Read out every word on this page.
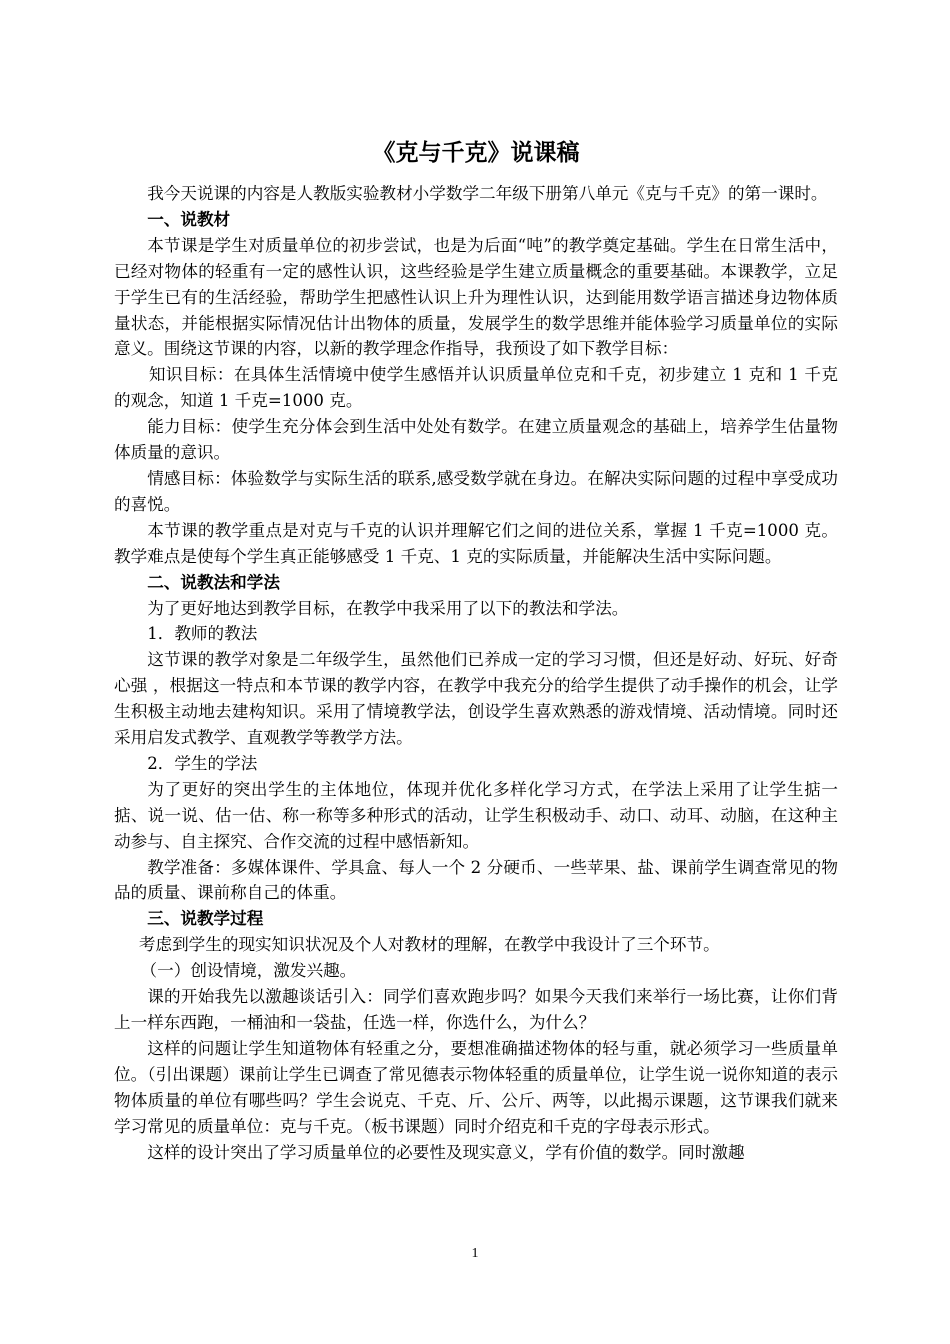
《克与千克》说课稿

我今天说课的内容是人教版实验教材小学数学二年级下册第八单元《克与千克》的第一课时。

一、说教材

本节课是学生对质量单位的初步尝试，也是为后面“吨”的教学奠定基础。学生在日常生活中，已经对物体的轻重有一定的感性认识，这些经验是学生建立质量概念的重要基础。本课教学，立足于学生已有的生活经验，帮助学生把感性认识上升为理性认识，达到能用数学语言描述身边物体质量状态，并能根据实际情况估计出物体的质量，发展学生的数学思维并能体验学习质量单位的实际意义。围绕这节课的内容，以新的教学理念作指导，我预设了如下教学目标：

知识目标：在具体生活情境中使学生感悟并认识质量单位克和千克，初步建立 1 克和 1 千克的观念，知道 1 千克=1000 克。

能力目标：使学生充分体会到生活中处处有数学。在建立质量观念的基础上，培养学生估量物体质量的意识。

情感目标：体验数学与实际生活的联系,感受数学就在身边。在解决实际问题的过程中享受成功的喜悦。

本节课的教学重点是对克与千克的认识并理解它们之间的进位关系，掌握 1 千克=1000 克。教学难点是使每个学生真正能够感受 1 千克、1 克的实际质量，并能解决生活中实际问题。

二、说教法和学法

为了更好地达到教学目标，在教学中我采用了以下的教法和学法。

1．教师的教法

这节课的教学对象是二年级学生，虽然他们已养成一定的学习习惯，但还是好动、好玩、好奇心强 ，根据这一特点和本节课的教学内容，在教学中我充分的给学生提供了动手操作的机会，让学生积极主动地去建构知识。采用了情境教学法，创设学生喜欢熟悉的游戏情境、活动情境。同时还采用启发式教学、直观教学等教学方法。

2．学生的学法

为了更好的突出学生的主体地位，体现并优化多样化学习方式，在学法上采用了让学生掂一掂、说一说、估一估、称一称等多种形式的活动，让学生积极动手、动口、动耳、动脑，在这种主动参与、自主探究、合作交流的过程中感悟新知。

教学准备：多媒体课件、学具盒、每人一个 2 分硬币、一些苹果、盐、课前学生调查常见的物品的质量、课前称自己的体重。

三、说教学过程

考虑到学生的现实知识状况及个人对教材的理解，在教学中我设计了三个环节。

（一）创设情境，激发兴趣。

课的开始我先以激趣谈话引入：同学们喜欢跑步吗？如果今天我们来举行一场比赛，让你们背上一样东西跑，一桶油和一袋盐，任选一样，你选什么，为什么？

这样的问题让学生知道物体有轻重之分，要想准确描述物体的轻与重，就必须学习一些质量单位。（引出课题）课前让学生已调查了常见德表示物体轻重的质量单位，让学生说一说你知道的表示物体质量的单位有哪些吗？学生会说克、千克、斤、公斤、两等，以此揭示课题，这节课我们就来学习常见的质量单位：克与千克。（板书课题）同时介绍克和千克的字母表示形式。

这样的设计突出了学习质量单位的必要性及现实意义，学有价值的数学。同时激趣

1
